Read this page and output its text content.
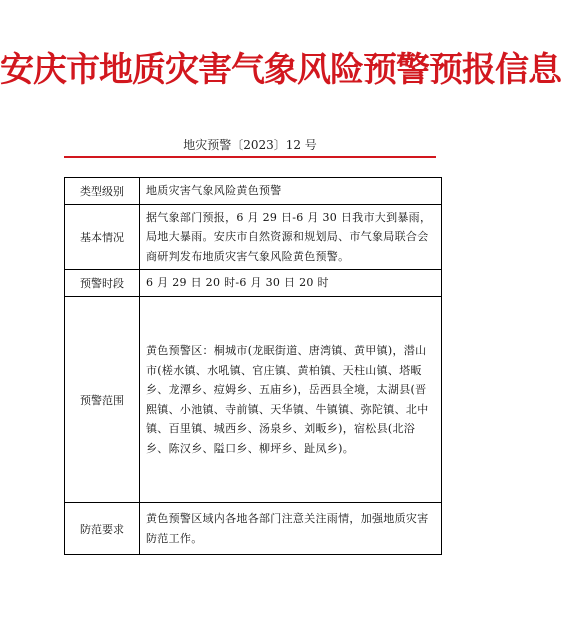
安庆市地质灾害气象风险预警预报信息
地灾预警〔2023〕12 号
类型级别	地质灾害气象风险黄色预警
基本情况	据气象部门预报，6 月 29 日-6 月 30 日我市大到暴雨，局地大暴雨。安庆市自然资源和规划局、市气象局联合会商研判发布地质灾害气象风险黄色预警。
预警时段	6 月 29 日 20 时-6 月 30 日 20 时
预警范围	黄色预警区：桐城市(龙眠街道、唐湾镇、黄甲镇)，潜山市(槎水镇、水吼镇、官庄镇、黄柏镇、天柱山镇、塔畈乡、龙潭乡、痘姆乡、五庙乡)，岳西县全境，太湖县(晋熙镇、小池镇、寺前镇、天华镇、牛镇镇、弥陀镇、北中镇、百里镇、城西乡、汤泉乡、刘畈乡)，宿松县(北浴乡、陈汉乡、隘口乡、柳坪乡、趾凤乡)。
防范要求	黄色预警区域内各地各部门注意关注雨情，加强地质灾害防范工作。
